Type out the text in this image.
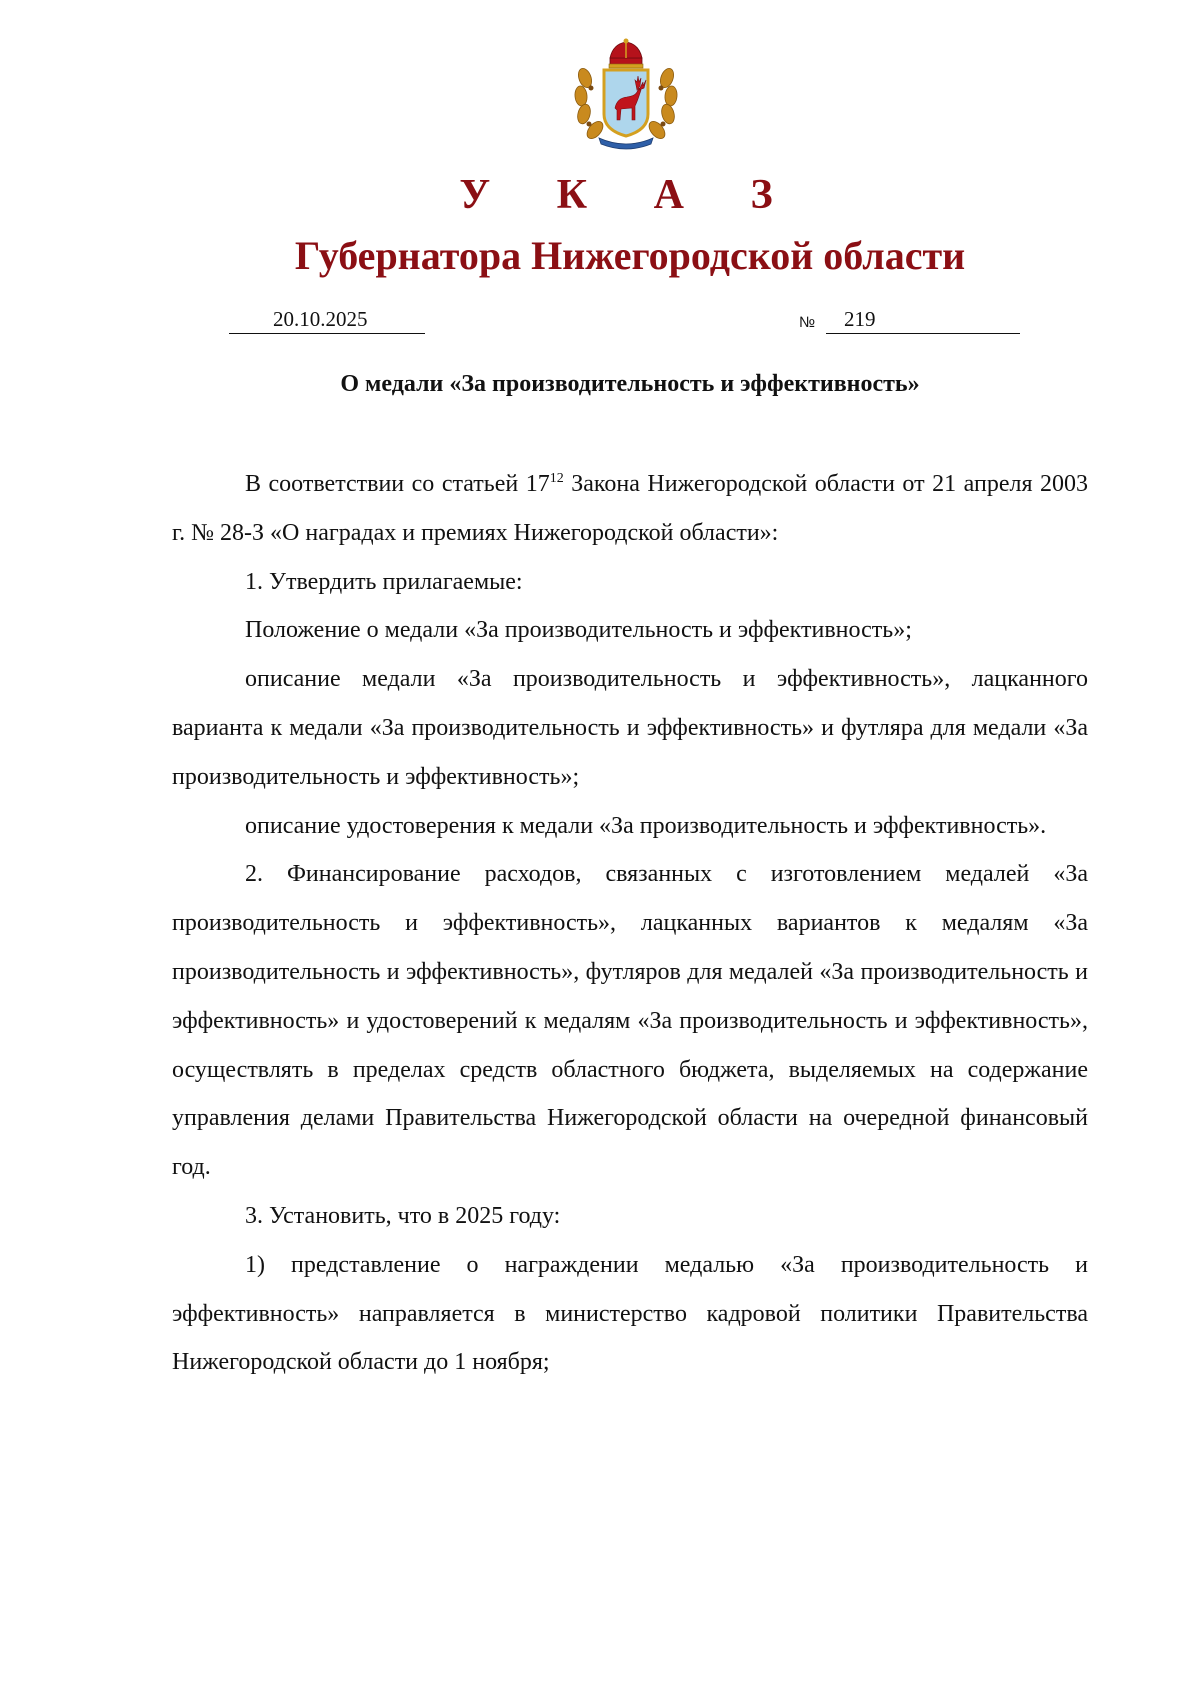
У К А З
Губернатора Нижегородской области
20.10.2025	№ 219
О медали «За производительность и эффективность»

В соответствии со статьей $17^{12}$ Закона Нижегородской области от 21 апреля 2003 г. № 28-З «О наградах и премиях Нижегородской области»:

1. Утвердить прилагаемые:

Положение о медали «За производительность и эффективность»;

описание медали «За производительность и эффективность», лацканного варианта к медали «За производительность и эффективность» и футляра для медали «За производительность и эффективность»;

описание удостоверения к медали «За производительность и эффективность».

2. Финансирование расходов, связанных с изготовлением медалей «За производительность и эффективность», лацканных вариантов к медалям «За производительность и эффективность», футляров для медалей «За производительность и эффективность» и удостоверений к медалям «За производительность и эффективность», осуществлять в пределах средств областного бюджета, выделяемых на содержание управления делами Правительства Нижегородской области на очередной финансовый год.

3. Установить, что в 2025 году:

1) представление о награждении медалью «За производительность и эффективность» направляется в министерство кадровой политики Правительства Нижегородской области до 1 ноября;
